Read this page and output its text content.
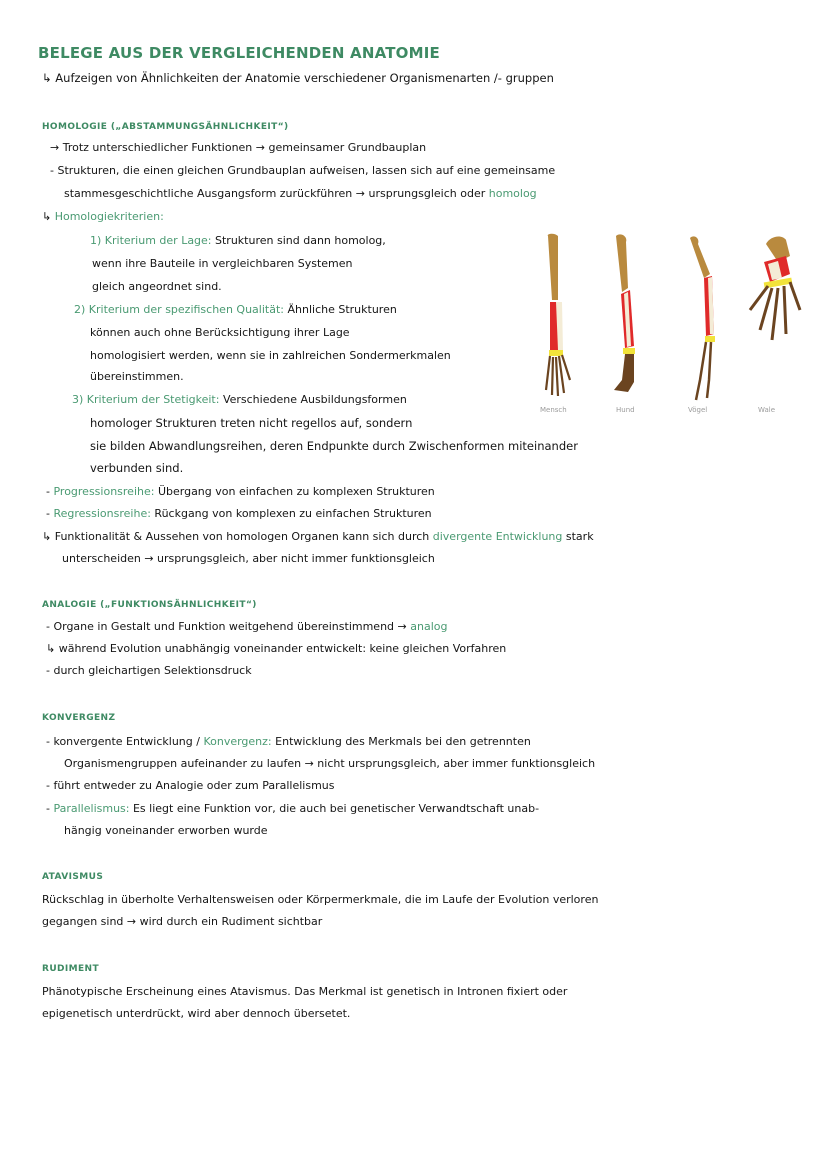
BELEGE AUS DER VERGLEICHENDEN ANATOMIE
↳ Aufzeigen von Ähnlichkeiten der Anatomie verschiedener Organismenarten /- gruppen
HOMOLOGIE („ABSTAMMUNGSÄHNLICHKEIT“)
→ Trotz unterschiedlicher Funktionen → gemeinsamer Grundbauplan
- Strukturen, die einen gleichen Grundbauplan aufweisen, lassen sich auf eine gemeinsame
stammesgeschichtliche Ausgangsform zurückführen → ursprungsgleich oder homolog
↳ Homologiekriterien:
1) Kriterium der Lage: Strukturen sind dann homolog,
wenn ihre Bauteile in vergleichbaren Systemen
gleich angeordnet sind.
2) Kriterium der spezifischen Qualität: Ähnliche Strukturen
können auch ohne Berücksichtigung ihrer Lage
homologisiert werden, wenn sie in zahlreichen Sondermerkmalen
übereinstimmen.
3) Kriterium der Stetigkeit: Verschiedene Ausbildungsformen
homologer Strukturen treten nicht regellos auf, sondern
sie bilden Abwandlungsreihen, deren Endpunkte durch Zwischenformen miteinander
verbunden sind.
- Progressionsreihe: Übergang von einfachen zu komplexen Strukturen
- Regressionsreihe: Rückgang von komplexen zu einfachen Strukturen
↳ Funktionalität & Aussehen von homologen Organen kann sich durch divergente Entwicklung stark
unterscheiden → ursprungsgleich, aber nicht immer funktionsgleich
Mensch	Hund	Vögel	Wale
ANALOGIE („FUNKTIONSÄHNLICHKEIT“)
- Organe in Gestalt und Funktion weitgehend übereinstimmend → analog
↳ während Evolution unabhängig voneinander entwickelt: keine gleichen Vorfahren
- durch gleichartigen Selektionsdruck
KONVERGENZ
- konvergente Entwicklung / Konvergenz: Entwicklung des Merkmals bei den getrennten
Organismengruppen aufeinander zu laufen → nicht ursprungsgleich, aber immer funktionsgleich
- führt entweder zu Analogie oder zum Parallelismus
- Parallelismus: Es liegt eine Funktion vor, die auch bei genetischer Verwandtschaft unab-
hängig voneinander erworben wurde
ATAVISMUS
Rückschlag in überholte Verhaltensweisen oder Körpermerkmale, die im Laufe der Evolution verloren
gegangen sind → wird durch ein Rudiment sichtbar
RUDIMENT
Phänotypische Erscheinung eines Atavismus. Das Merkmal ist genetisch in Intronen fixiert oder
epigenetisch unterdrückt, wird aber dennoch übersetet.
